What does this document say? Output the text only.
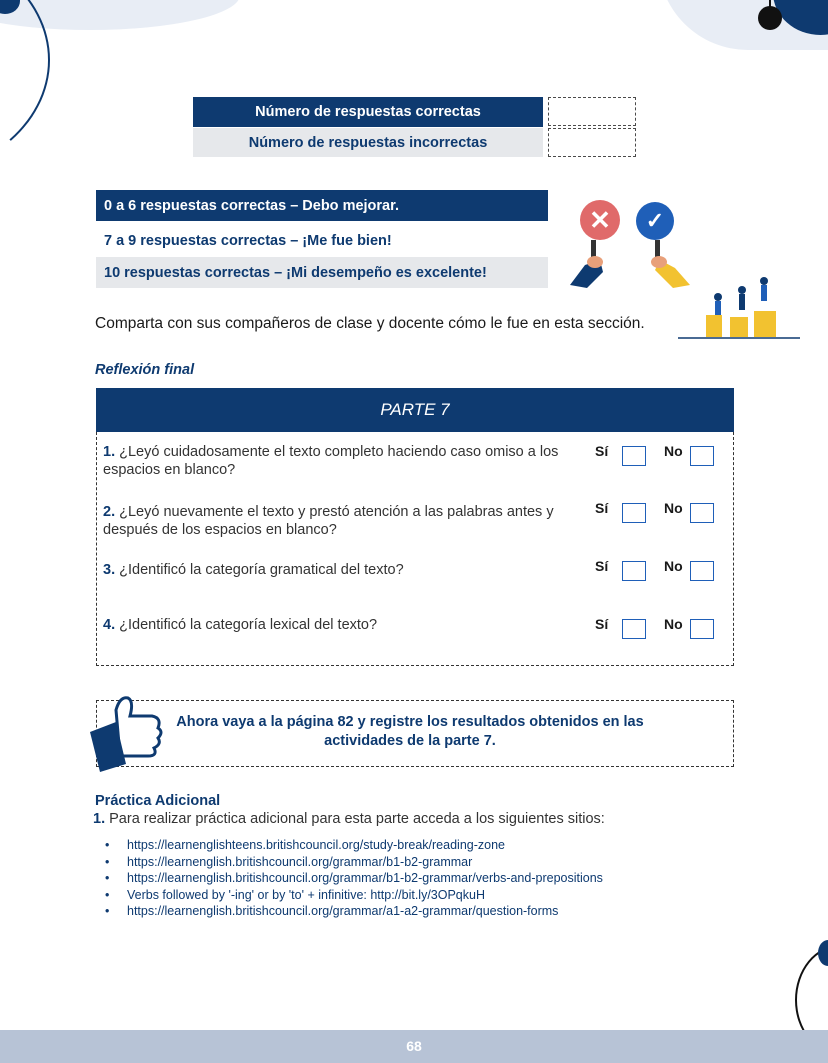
Número de respuestas correctas
Número de respuestas incorrectas
0 a 6 respuestas correctas – Debo mejorar.
7 a 9 respuestas correctas – ¡Me fue bien!
10 respuestas correctas – ¡Mi desempeño es excelente!
✕	✓
Comparta con sus compañeros de clase y docente cómo le fue en esta sección.
Reflexión final
PARTE 7
1. ¿Leyó cuidadosamente el texto completo haciendo caso omiso a los espacios en blanco?
Sí	No
2. ¿Leyó nuevamente el texto y prestó atención a las palabras antes y después de los espacios en blanco?
Sí	No
3. ¿Identificó la categoría gramatical del texto?	Sí	No
4. ¿Identificó la categoría lexical del texto?	Sí	No
Ahora vaya a la página 82 y registre los resultados obtenidos en las actividades de la parte 7.
Práctica Adicional
1. Para realizar práctica adicional para esta parte acceda a los siguientes sitios:
• https://learnenglishteens.britishcouncil.org/study-break/reading-zone
• https://learnenglish.britishcouncil.org/grammar/b1-b2-grammar
• https://learnenglish.britishcouncil.org/grammar/b1-b2-grammar/verbs-and-prepositions
• Verbs followed by '-ing' or by 'to' + infinitive: http://bit.ly/3OPqkuH
• https://learnenglish.britishcouncil.org/grammar/a1-a2-grammar/question-forms
68
